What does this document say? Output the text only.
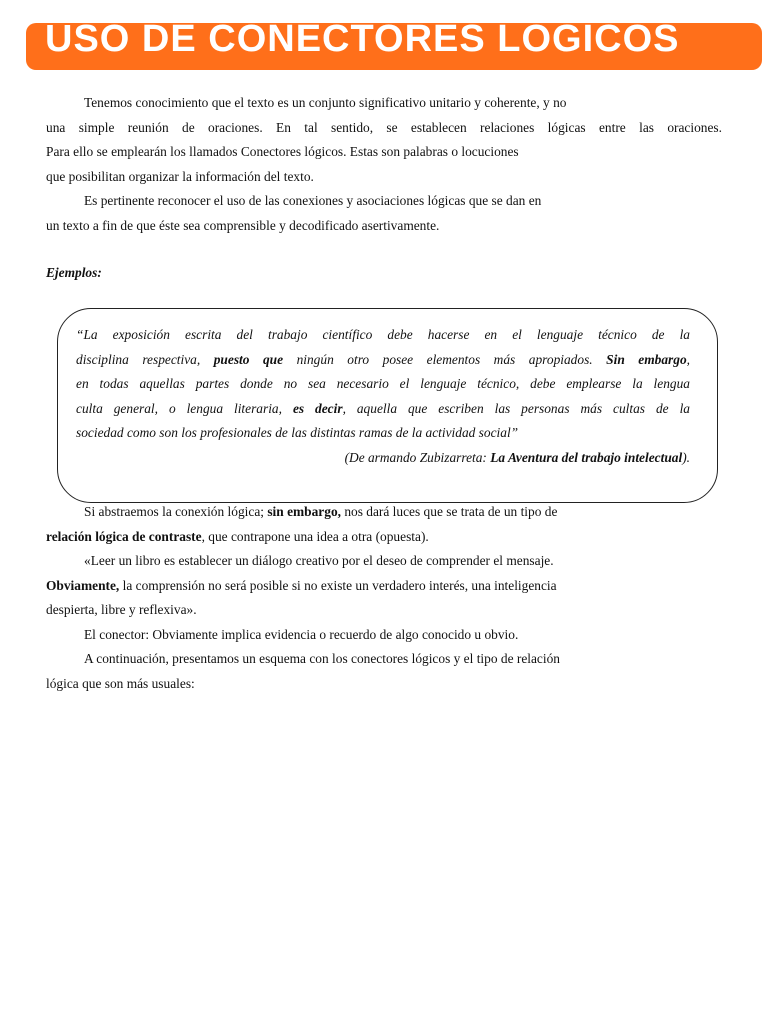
USO DE CONECTORES LOGICOS
Tenemos conocimiento que el texto es un conjunto significativo unitario y coherente, y no
una simple reunión de oraciones. En tal sentido, se establecen relaciones lógicas entre las oraciones.
Para ello se emplearán los llamados Conectores lógicos. Estas son palabras o locuciones
que posibilitan organizar la información del texto.
Es pertinente reconocer el uso de las conexiones y asociaciones lógicas que se dan en
un texto a fin de que éste sea comprensible y decodificado asertivamente.
Ejemplos:
“La exposición escrita del trabajo científico debe hacerse en el lenguaje técnico de la
disciplina respectiva, puesto que ningún otro posee elementos más apropiados. Sin embargo,
en todas aquellas partes donde no sea necesario el lenguaje técnico, debe emplearse la lengua
culta general, o lengua literaria, es decir, aquella que escriben las personas más cultas de la
sociedad como son los profesionales de las distintas ramas de la actividad social”
(De armando Zubizarreta: La Aventura del trabajo intelectual).
Si abstraemos la conexión lógica; sin embargo, nos dará luces que se trata de un tipo de
relación lógica de contraste, que contrapone una idea a otra (opuesta).
«Leer un libro es establecer un diálogo creativo por el deseo de comprender el mensaje.
Obviamente, la comprensión no será posible si no existe un verdadero interés, una inteligencia
despierta, libre y reflexiva».
El conector: Obviamente implica evidencia o recuerdo de algo conocido u obvio.
A continuación, presentamos un esquema con los conectores lógicos y el tipo de relación
lógica que son más usuales:
